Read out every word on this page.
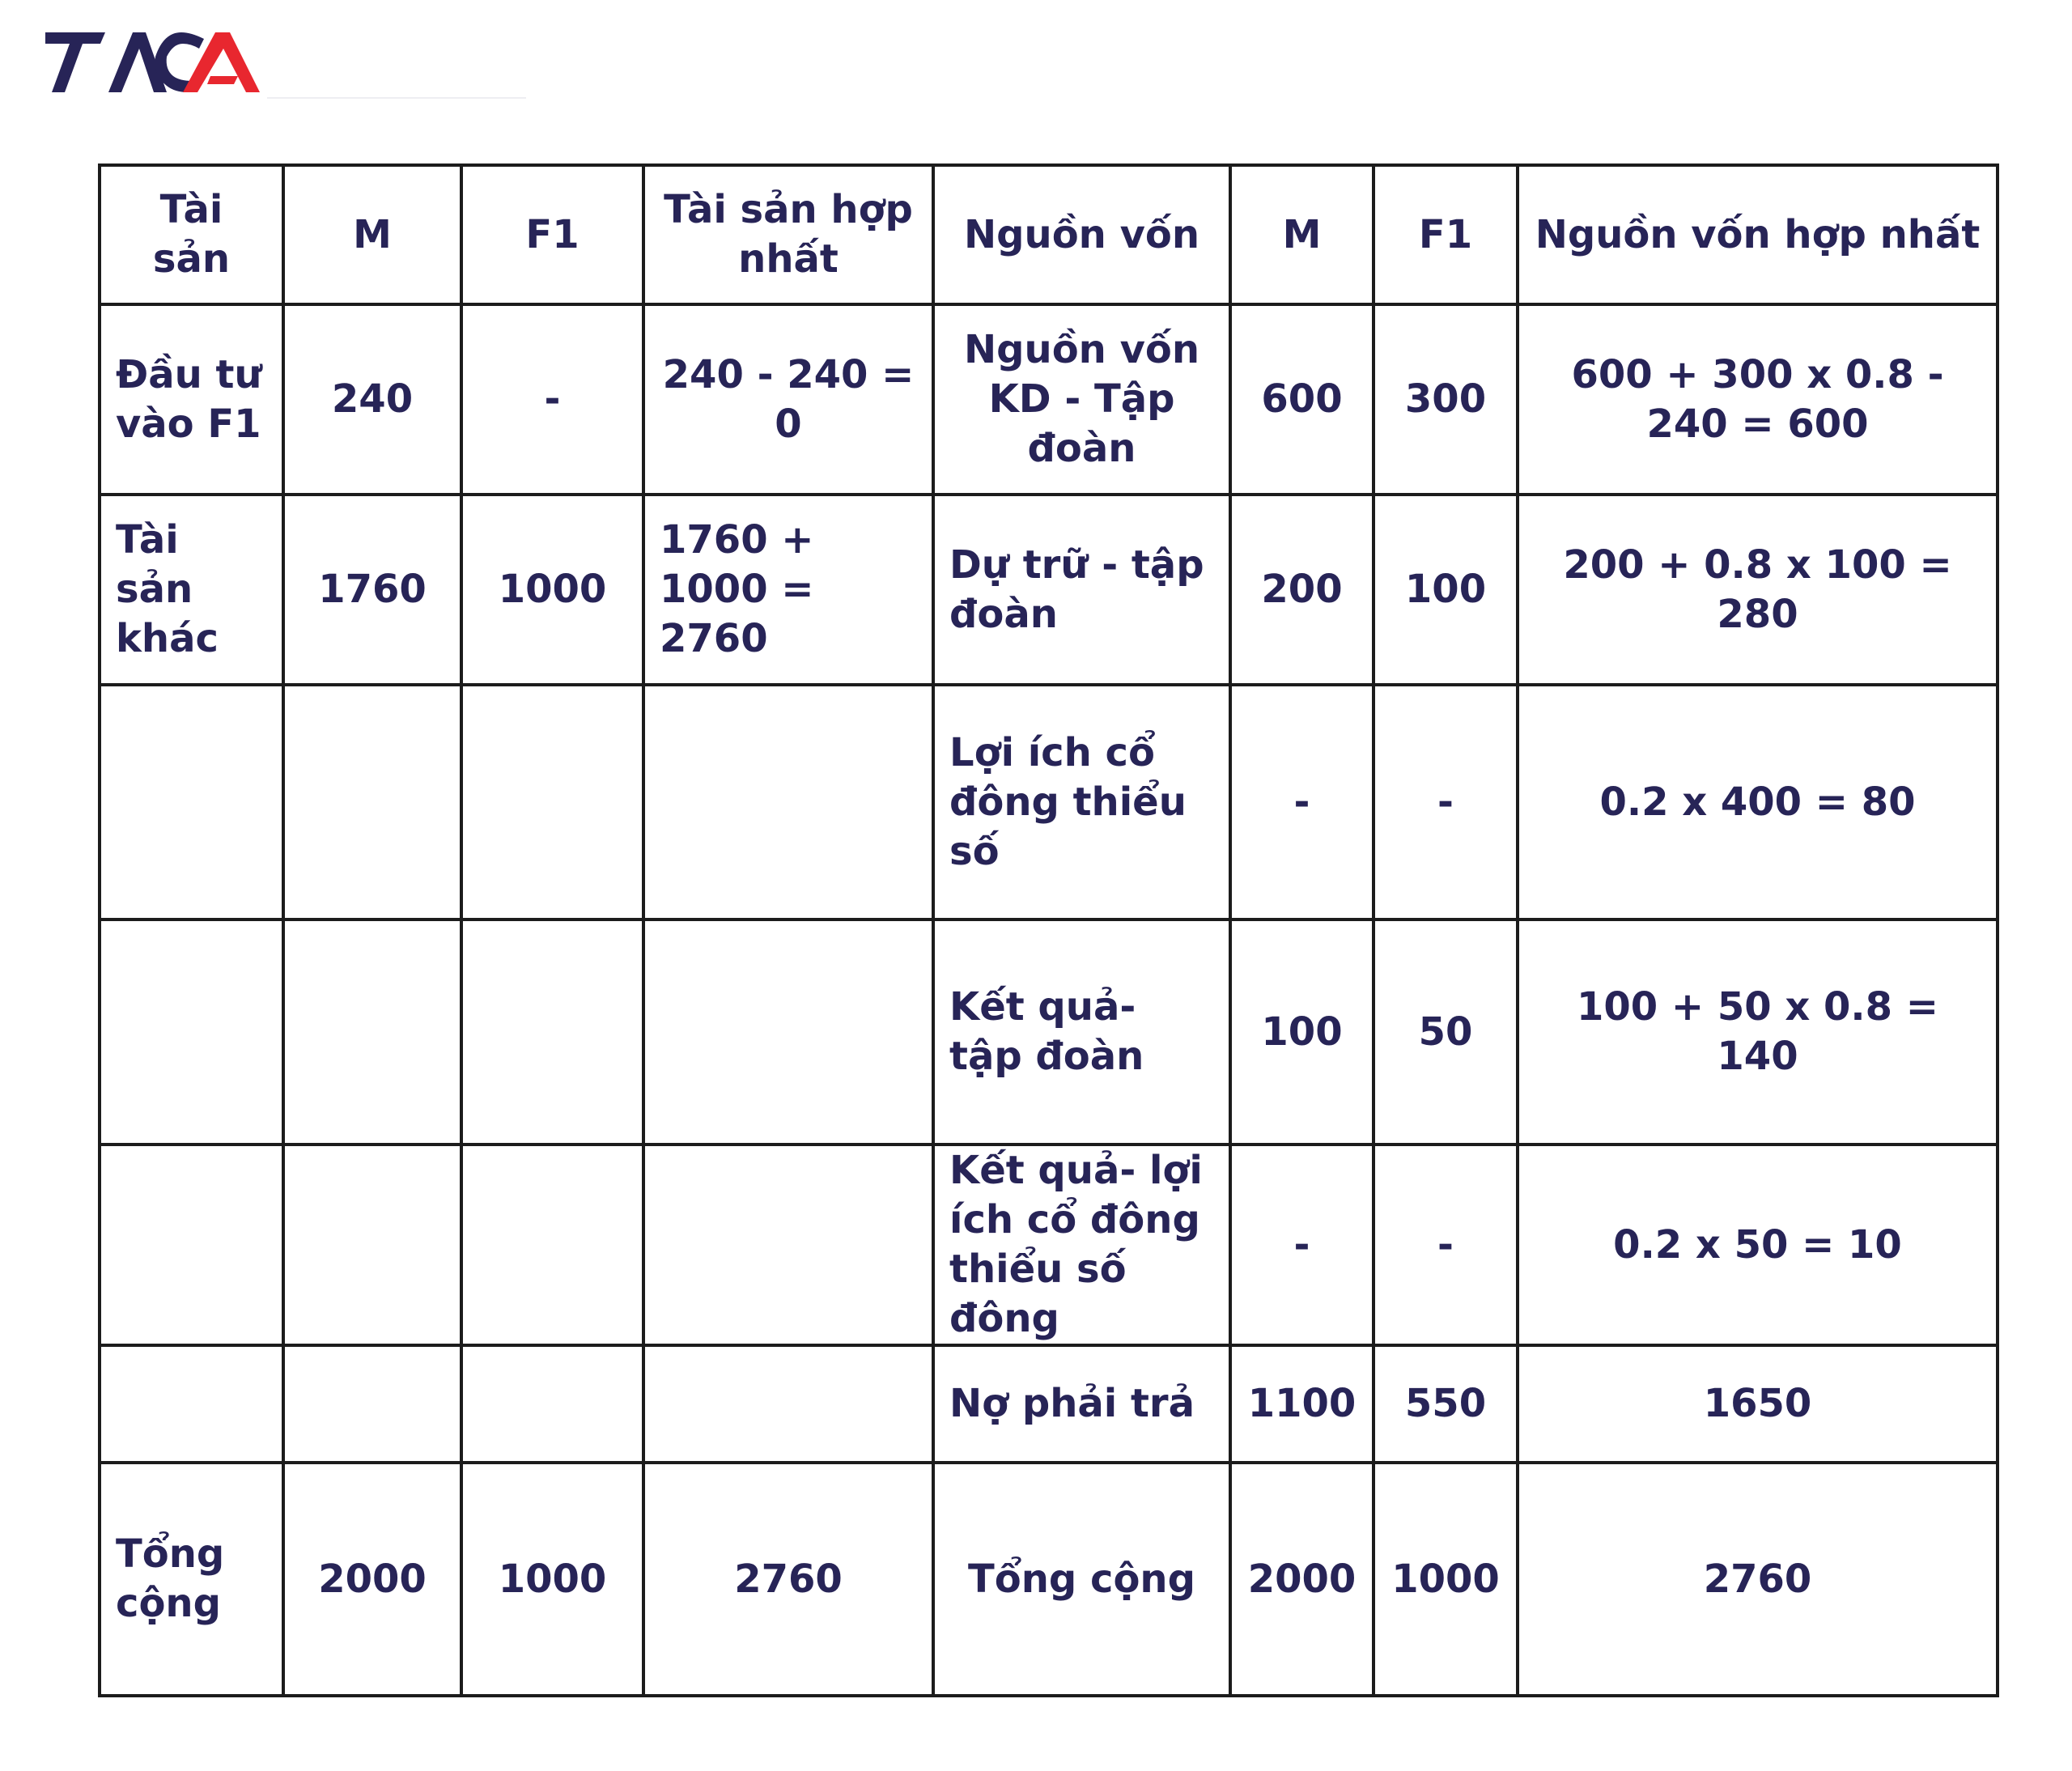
Tài sản	M	F1	Tài sản hợp nhất	Nguồn vốn	M	F1	Nguồn vốn hợp nhất
Đầu tư vào F1	240	-	240 - 240 = 0	Nguồn vốn KD - Tập đoàn	600	300	600 + 300 x 0.8 - 240 = 600
Tài sản khác	1760	1000	1760 + 1000 = 2760	Dự trữ - tập đoàn	200	100	200 + 0.8 x 100 = 280
				Lợi ích cổ đông thiểu số	-	-	0.2 x 400 = 80
				Kết quả- tập đoàn	100	50	100 + 50 x 0.8 = 140
				Kết quả- lợi ích cổ đông thiểu số đông	-	-	0.2 x 50 = 10
				Nợ phải trả	1100	550	1650
Tổng cộng	2000	1000	2760	Tổng cộng	2000	1000	2760
